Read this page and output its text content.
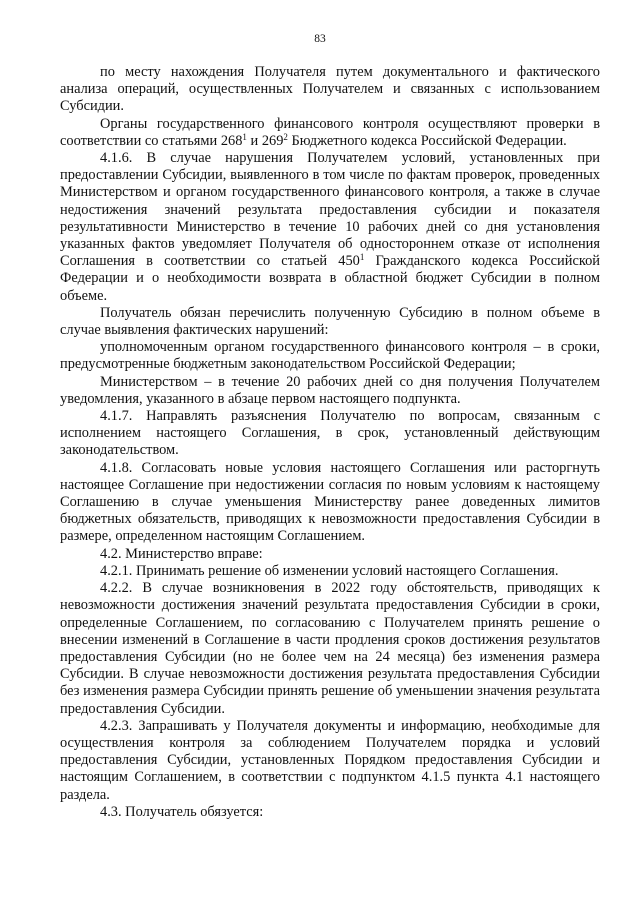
83

по месту нахождения Получателя путем документального и фактического анализа операций, осуществленных Получателем и связанных с использованием Субсидии.

Органы государственного финансового контроля осуществляют проверки в соответствии со статьями $268^1$ и $269^2$ Бюджетного кодекса Российской Федерации.

4.1.6. В случае нарушения Получателем условий, установленных при предоставлении Субсидии, выявленного в том числе по фактам проверок, проведенных Министерством и органом государственного финансового контроля, а также в случае недостижения значений результата предоставления субсидии и показателя результативности Министерство в течение 10 рабочих дней со дня установления указанных фактов уведомляет Получателя об одностороннем отказе от исполнения Соглашения в соответствии со статьей $450^1$ Гражданского кодекса Российской Федерации и о необходимости возврата в областной бюджет Субсидии в полном объеме.

Получатель обязан перечислить полученную Субсидию в полном объеме в случае выявления фактических нарушений:

уполномоченным органом государственного финансового контроля – в сроки, предусмотренные бюджетным законодательством Российской Федерации;

Министерством – в течение 20 рабочих дней со дня получения Получателем уведомления, указанного в абзаце первом настоящего подпункта.

4.1.7. Направлять разъяснения Получателю по вопросам, связанным с исполнением настоящего Соглашения, в срок, установленный действующим законодательством.

4.1.8. Согласовать новые условия настоящего Соглашения или расторгнуть настоящее Соглашение при недостижении согласия по новым условиям к настоящему Соглашению в случае уменьшения Министерству ранее доведенных лимитов бюджетных обязательств, приводящих к невозможности предоставления Субсидии в размере, определенном настоящим Соглашением.

4.2. Министерство вправе:

4.2.1. Принимать решение об изменении условий настоящего Соглашения.

4.2.2. В случае возникновения в 2022 году обстоятельств, приводящих к невозможности достижения значений результата предоставления Субсидии в сроки, определенные Соглашением, по согласованию с Получателем принять решение о внесении изменений в Соглашение в части продления сроков достижения результатов предоставления Субсидии (но не более чем на 24 месяца) без изменения размера Субсидии. В случае невозможности достижения результата предоставления Субсидии без изменения размера Субсидии принять решение об уменьшении значения результата предоставления Субсидии.

4.2.3. Запрашивать у Получателя документы и информацию, необходимые для осуществления контроля за соблюдением Получателем порядка и условий предоставления Субсидии, установленных Порядком предоставления Субсидии и настоящим Соглашением, в соответствии с подпунктом 4.1.5 пункта 4.1 настоящего раздела.

4.3. Получатель обязуется:
